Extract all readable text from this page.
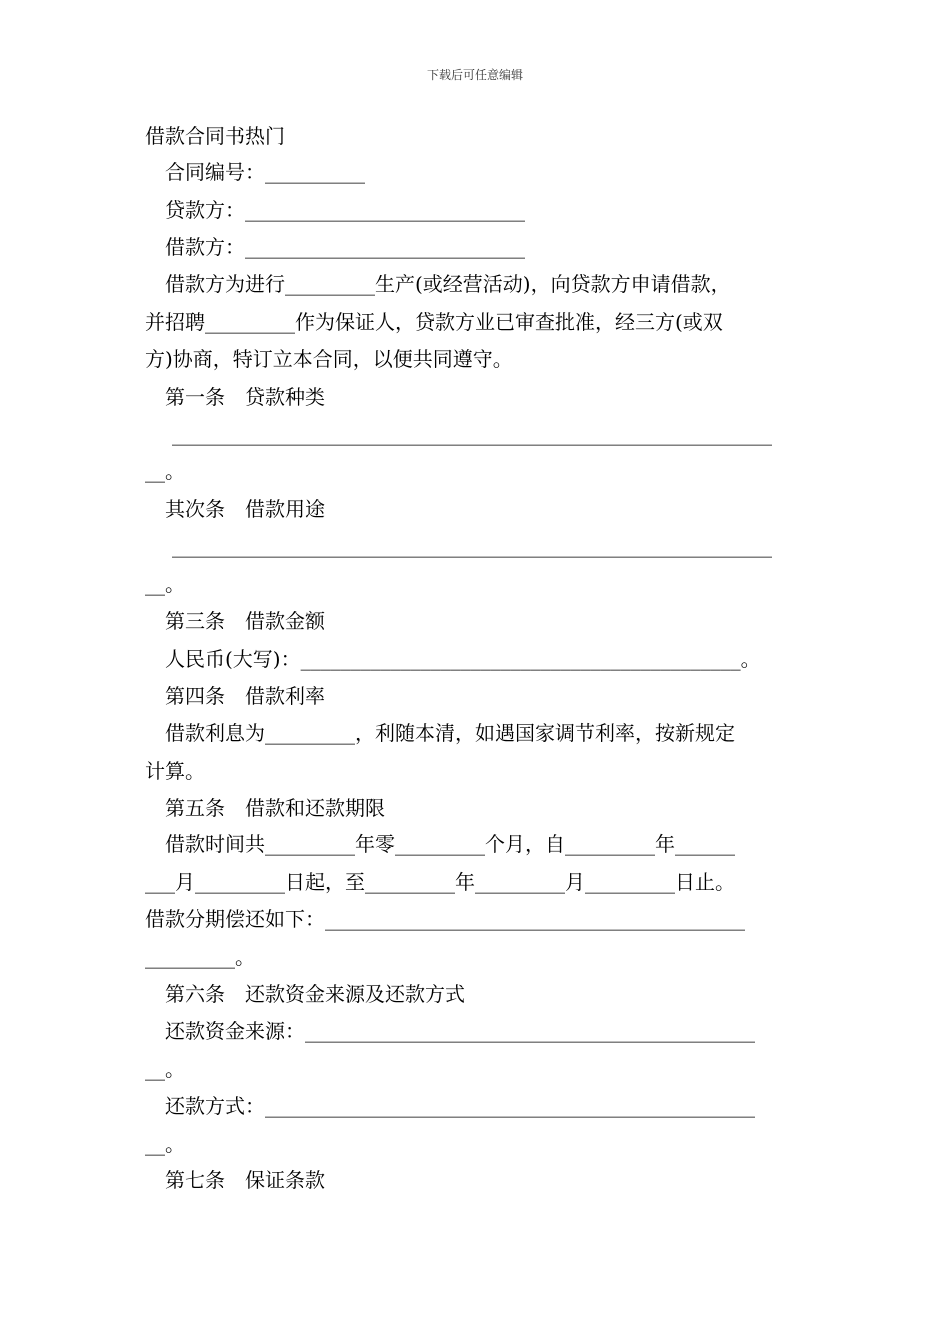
下载后可任意编辑
借款合同书热门
合同编号：__________
贷款方：____________________________
借款方：____________________________
借款方为进行_________生产(或经营活动)，向贷款方申请借款，
并招聘_________作为保证人，贷款方业已审查批准，经三方(或双
方)协商，特订立本合同，以便共同遵守。
第一条　贷款种类
____________________________________________________________
__。
其次条　借款用途
____________________________________________________________
__。
第三条　借款金额
人民币(大写)：____________________________________________。
第四条　借款利率
借款利息为_________，利随本清，如遇国家调节利率，按新规定
计算。
第五条　借款和还款期限
借款时间共_________年零_________个月，自_________年______
___月_________日起，至_________年_________月_________日止。
借款分期偿还如下：__________________________________________
_________。
第六条　还款资金来源及还款方式
还款资金来源：_____________________________________________
__。
还款方式：_________________________________________________
__。
第七条　保证条款
